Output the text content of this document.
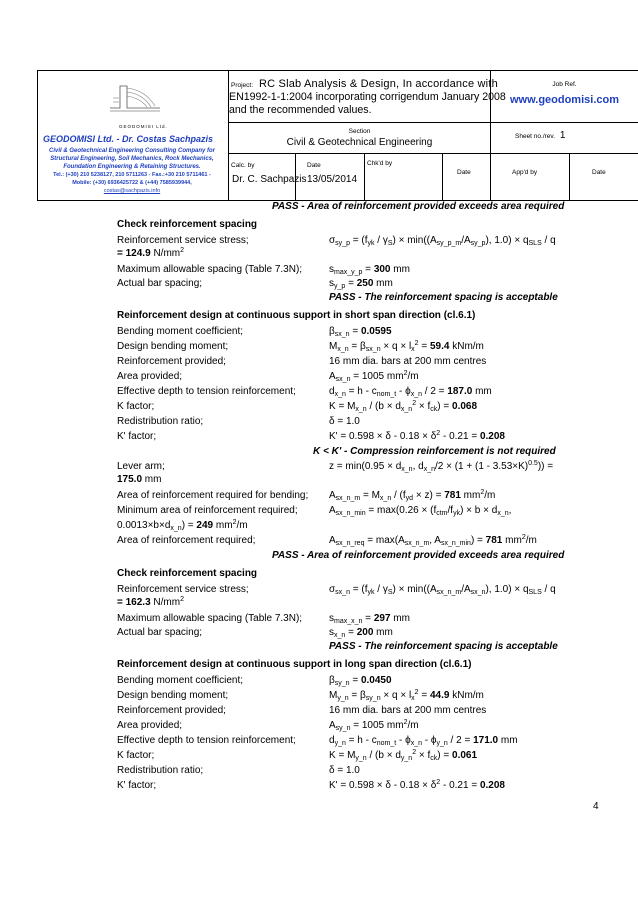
GEODOMISI Ltd.
GEODOMISI Ltd. - Dr. Costas Sachpazis
Civil & Geotechnical Engineering Consulting Company for
Structural Engineering, Soil Mechanics, Rock Mechanics,
Foundation Engineering & Retaining Structures.
Tel.: (+30) 210 5238127, 210 5711263 - Fax.:+30 210 5711461 -
Mobile: (+30) 6936425722 & (+44) 7585939944,
costas@sachpazis.info
Project: RC Slab Analysis & Design, In accordance with
EN1992-1-1:2004 incorporating corrigendum January 2008
and the recommended values.
Job Ref.
www.geodomisi.com
Section
Civil & Geotechnical Engineering
Sheet no./rev. 1
Calc. by
Dr. C. Sachpazis
Date
13/05/2014
Chk'd by
Date	App'd by	Date
PASS - Area of reinforcement provided exceeds area required
Check reinforcement spacing
Reinforcement service stress;	$\sigma_{sy\_p} = (f_{yk} / \gamma_S) \times \min((A_{sy\_p\_m}/A_{sy\_p})$, $1.0) \times q_{SLS} / q$
= 124.9 $N/mm^2$
Maximum allowable spacing (Table 7.3N);	$s_{max\_y\_p} = 300$ mm
Actual bar spacing;	$s_{y\_p} = 250$ mm
PASS - The reinforcement spacing is acceptable
Reinforcement design at continuous support in short span direction (cl.6.1)
Bending moment coefficient;	$\beta_{sx\_n} = 0.0595$
Design bending moment;	$M_{x\_n} = \beta_{sx\_n} \times q \times l_x^2 = 59.4$ kNm/m
Reinforcement provided;	16 mm dia. bars at 200 mm centres
Area provided;	$A_{sx\_n} = 1005$ $mm^2/m$
Effective depth to tension reinforcement;	$d_{x\_n} = h - c_{nom\_t} - \phi_{x\_n} / 2 = 187.0$ mm
K factor;	$K = M_{x\_n} / (b \times d_{x\_n}^2 \times f_{ck}) = 0.068$
Redistribution ratio;	δ = 1.0
K' factor;	$K' = 0.598 \times \delta - 0.18 \times \delta^2 - 0.21 = 0.208$
K < K' - Compression reinforcement is not required
Lever arm;	$z = \min(0.95 \times d_{x\_n}$, $d_{x\_n}/2 \times (1 + (1 - 3.53\times K)^{0.5})$) =
175.0 mm
Area of reinforcement required for bending; $A_{sx\_n\_m} = M_{x\_n} / (f_{yd} \times z) = 781$ $mm^2/m$
Minimum area of reinforcement required;	$A_{sx\_n\_min} = \max(0.26 \times (f_{ctm}/f_{yk}) \times b \times d_{x\_n}$,
$0.0013\times b\times d_{x\_n}) = 249$ $mm^2/m$
Area of reinforcement required;	$A_{sx\_n\_req} = \max(A_{sx\_n\_m}$, $A_{sx\_n\_min}) = 781$ $mm^2/m$
PASS - Area of reinforcement provided exceeds area required
Check reinforcement spacing
Reinforcement service stress;	$\sigma_{sx\_n} = (f_{yk} / \gamma_S) \times \min((A_{sx\_n\_m}/A_{sx\_n})$, $1.0) \times q_{SLS} / q$
= 162.3 $N/mm^2$
Maximum allowable spacing (Table 7.3N);	$s_{max\_x\_n} = 297$ mm
Actual bar spacing;	$s_{x\_n} = 200$ mm
PASS - The reinforcement spacing is acceptable
Reinforcement design at continuous support in long span direction (cl.6.1)
Bending moment coefficient;	$\beta_{sy\_n} = 0.0450$
Design bending moment;	$M_{y\_n} = \beta_{sy\_n} \times q \times l_x^2 = 44.9$ kNm/m
Reinforcement provided;	16 mm dia. bars at 200 mm centres
Area provided;	$A_{sy\_n} = 1005$ $mm^2/m$
Effective depth to tension reinforcement;	$d_{y\_n} = h - c_{nom\_t} - \phi_{x\_n} - \phi_{y\_n} / 2 = 171.0$ mm
K factor;	$K = M_{y\_n} / (b \times d_{y\_n}^2 \times f_{ck}) = 0.061$
Redistribution ratio;	δ = 1.0
K' factor;	$K' = 0.598 \times \delta - 0.18 \times \delta^2 - 0.21 = 0.208$
4
